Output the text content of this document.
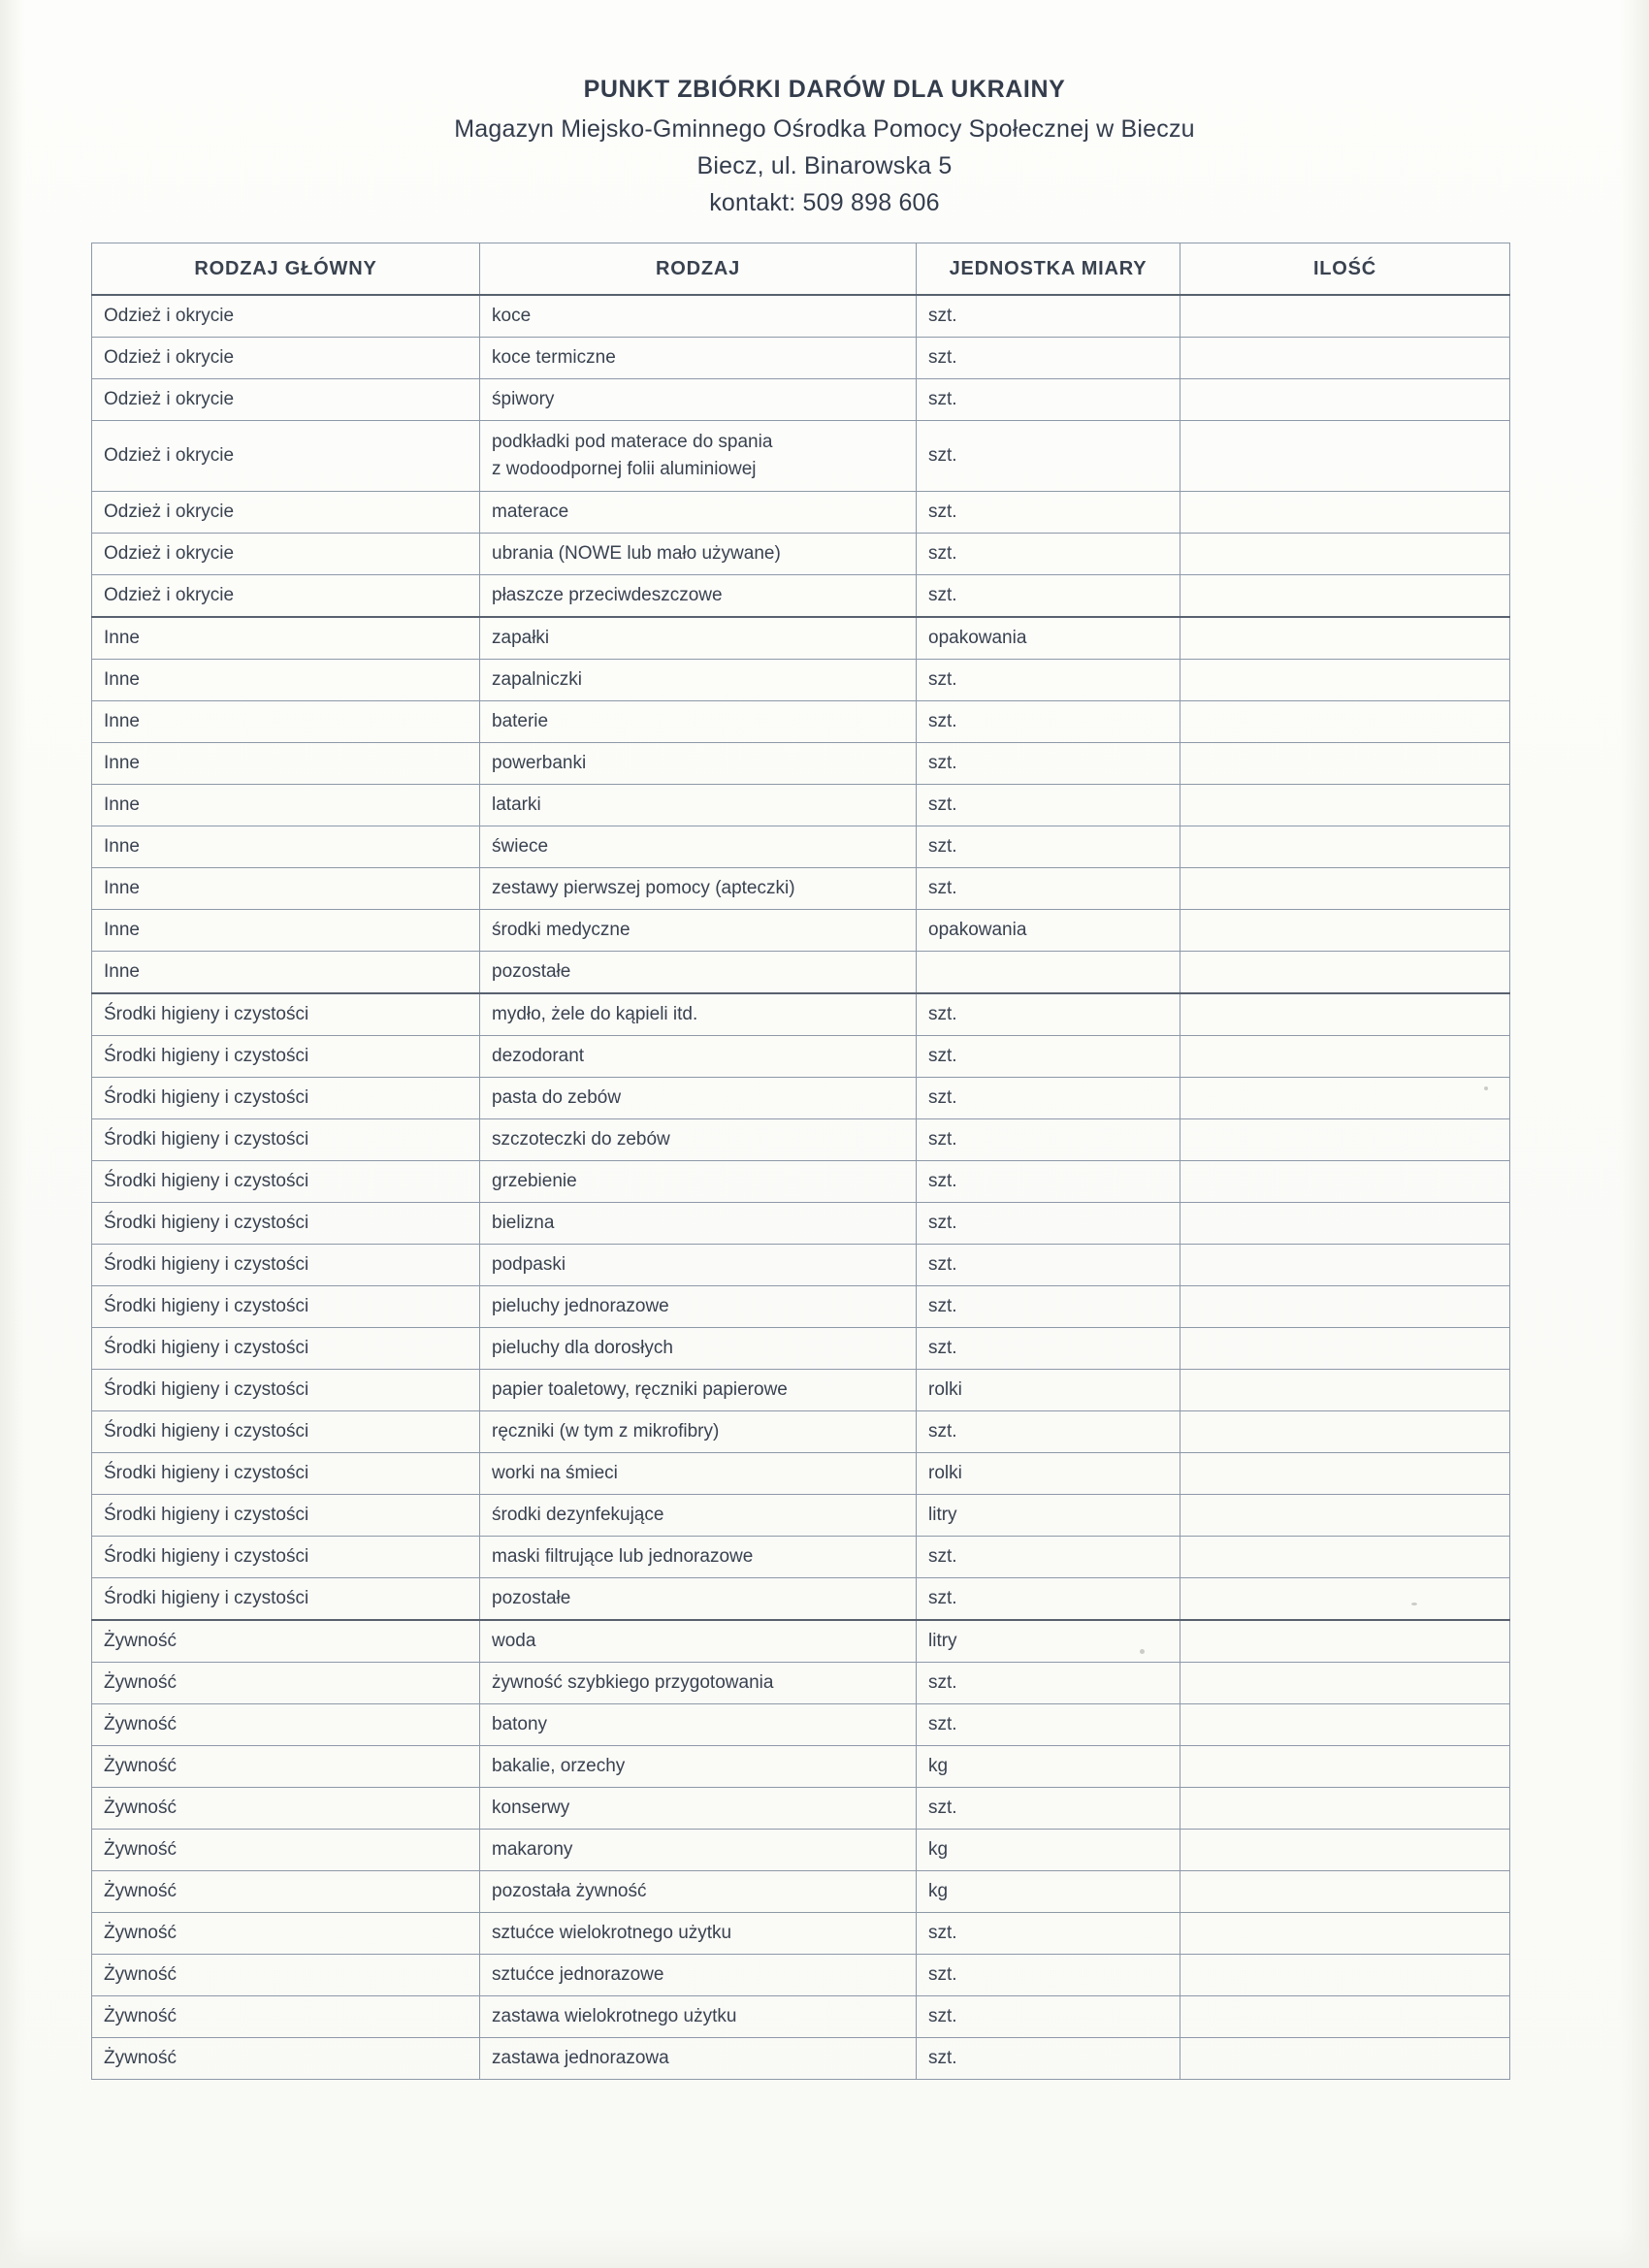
PUNKT ZBIÓRKI DARÓW DLA UKRAINY
Magazyn Miejsko-Gminnego Ośrodka Pomocy Społecznej w Bieczu
Biecz, ul. Binarowska 5
kontakt: 509 898 606
RODZAJ GŁÓWNY	RODZAJ	JEDNOSTKA MIARY	ILOŚĆ
Odzież i okrycie	koce	szt.	
Odzież i okrycie	koce termiczne	szt.	
Odzież i okrycie	śpiwory	szt.	
Odzież i okrycie	podkładki pod materace do spania
z wodoodpornej folii aluminiowej	szt.	
Odzież i okrycie	materace	szt.	
Odzież i okrycie	ubrania (NOWE lub mało używane)	szt.	
Odzież i okrycie	płaszcze przeciwdeszczowe	szt.	
Inne	zapałki	opakowania	
Inne	zapalniczki	szt.	
Inne	baterie	szt.	
Inne	powerbanki	szt.	
Inne	latarki	szt.	
Inne	świece	szt.	
Inne	zestawy pierwszej pomocy (apteczki)	szt.	
Inne	środki medyczne	opakowania	
Inne	pozostałe		
Środki higieny i czystości	mydło, żele do kąpieli itd.	szt.	
Środki higieny i czystości	dezodorant	szt.	
Środki higieny i czystości	pasta do zebów	szt.	
Środki higieny i czystości	szczoteczki do zebów	szt.	
Środki higieny i czystości	grzebienie	szt.	
Środki higieny i czystości	bielizna	szt.	
Środki higieny i czystości	podpaski	szt.	
Środki higieny i czystości	pieluchy jednorazowe	szt.	
Środki higieny i czystości	pieluchy dla dorosłych	szt.	
Środki higieny i czystości	papier toaletowy, ręczniki papierowe	rolki	
Środki higieny i czystości	ręczniki (w tym z mikrofibry)	szt.	
Środki higieny i czystości	worki na śmieci	rolki	
Środki higieny i czystości	środki dezynfekujące	litry	
Środki higieny i czystości	maski filtrujące lub jednorazowe	szt.	
Środki higieny i czystości	pozostałe	szt.	
Żywność	woda	litry	
Żywność	żywność szybkiego przygotowania	szt.	
Żywność	batony	szt.	
Żywność	bakalie, orzechy	kg	
Żywność	konserwy	szt.	
Żywność	makarony	kg	
Żywność	pozostała żywność	kg	
Żywność	sztućce wielokrotnego użytku	szt.	
Żywność	sztućce jednorazowe	szt.	
Żywność	zastawa wielokrotnego użytku	szt.	
Żywność	zastawa jednorazowa	szt.	
